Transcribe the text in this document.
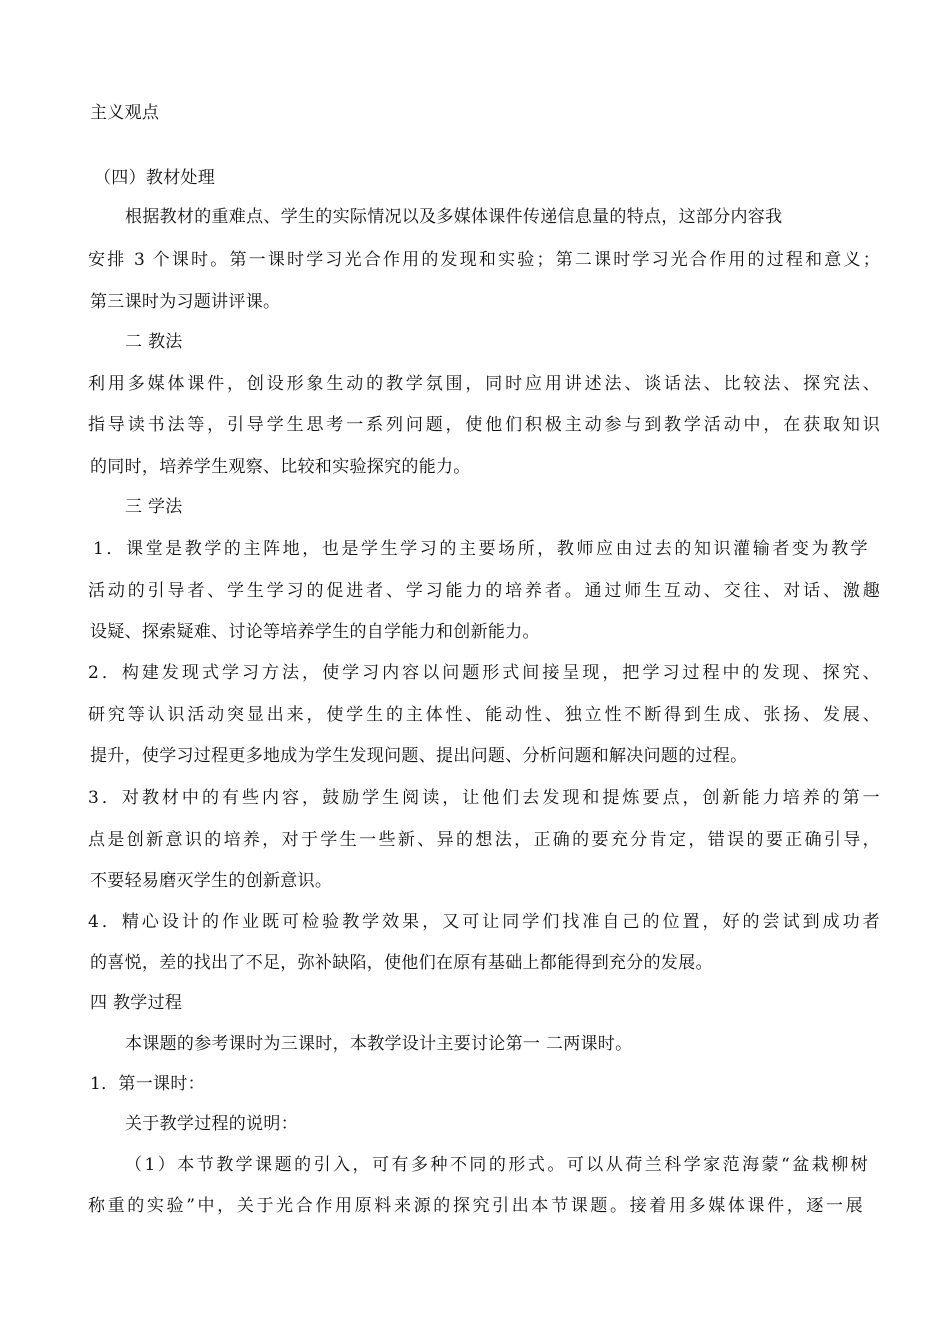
主义观点
（四）教材处理
根据教材的重难点、学生的实际情况以及多媒体课件传递信息量的特点，这部分内容我
安排 3 个课时。第一课时学习光合作用的发现和实验；第二课时学习光合作用的过程和意义；
第三课时为习题讲评课。
二 教法
利用多媒体课件，创设形象生动的教学氛围，同时应用讲述法、谈话法、比较法、探究法、
指导读书法等，引导学生思考一系列问题，使他们积极主动参与到教学活动中，在获取知识
的同时，培养学生观察、比较和实验探究的能力。
三 学法
1．课堂是教学的主阵地，也是学生学习的主要场所，教师应由过去的知识灌输者变为教学
活动的引导者、学生学习的促进者、学习能力的培养者。通过师生互动、交往、对话、激趣
设疑、探索疑难、讨论等培养学生的自学能力和创新能力。
2．构建发现式学习方法，使学习内容以问题形式间接呈现，把学习过程中的发现、探究、
研究等认识活动突显出来，使学生的主体性、能动性、独立性不断得到生成、张扬、发展、
提升，使学习过程更多地成为学生发现问题、提出问题、分析问题和解决问题的过程。
3．对教材中的有些内容，鼓励学生阅读，让他们去发现和提炼要点，创新能力培养的第一
点是创新意识的培养，对于学生一些新、异的想法，正确的要充分肯定，错误的要正确引导，
不要轻易磨灭学生的创新意识。
4．精心设计的作业既可检验教学效果，又可让同学们找准自己的位置，好的尝试到成功者
的喜悦，差的找出了不足，弥补缺陷，使他们在原有基础上都能得到充分的发展。
四 教学过程
本课题的参考课时为三课时，本教学设计主要讨论第一 二两课时。
1．第一课时：
关于教学过程的说明：
（1）本节教学课题的引入，可有多种不同的形式。可以从荷兰科学家范海蒙“盆栽柳树
称重的实验”中，关于光合作用原料来源的探究引出本节课题。接着用多媒体课件，逐一展
